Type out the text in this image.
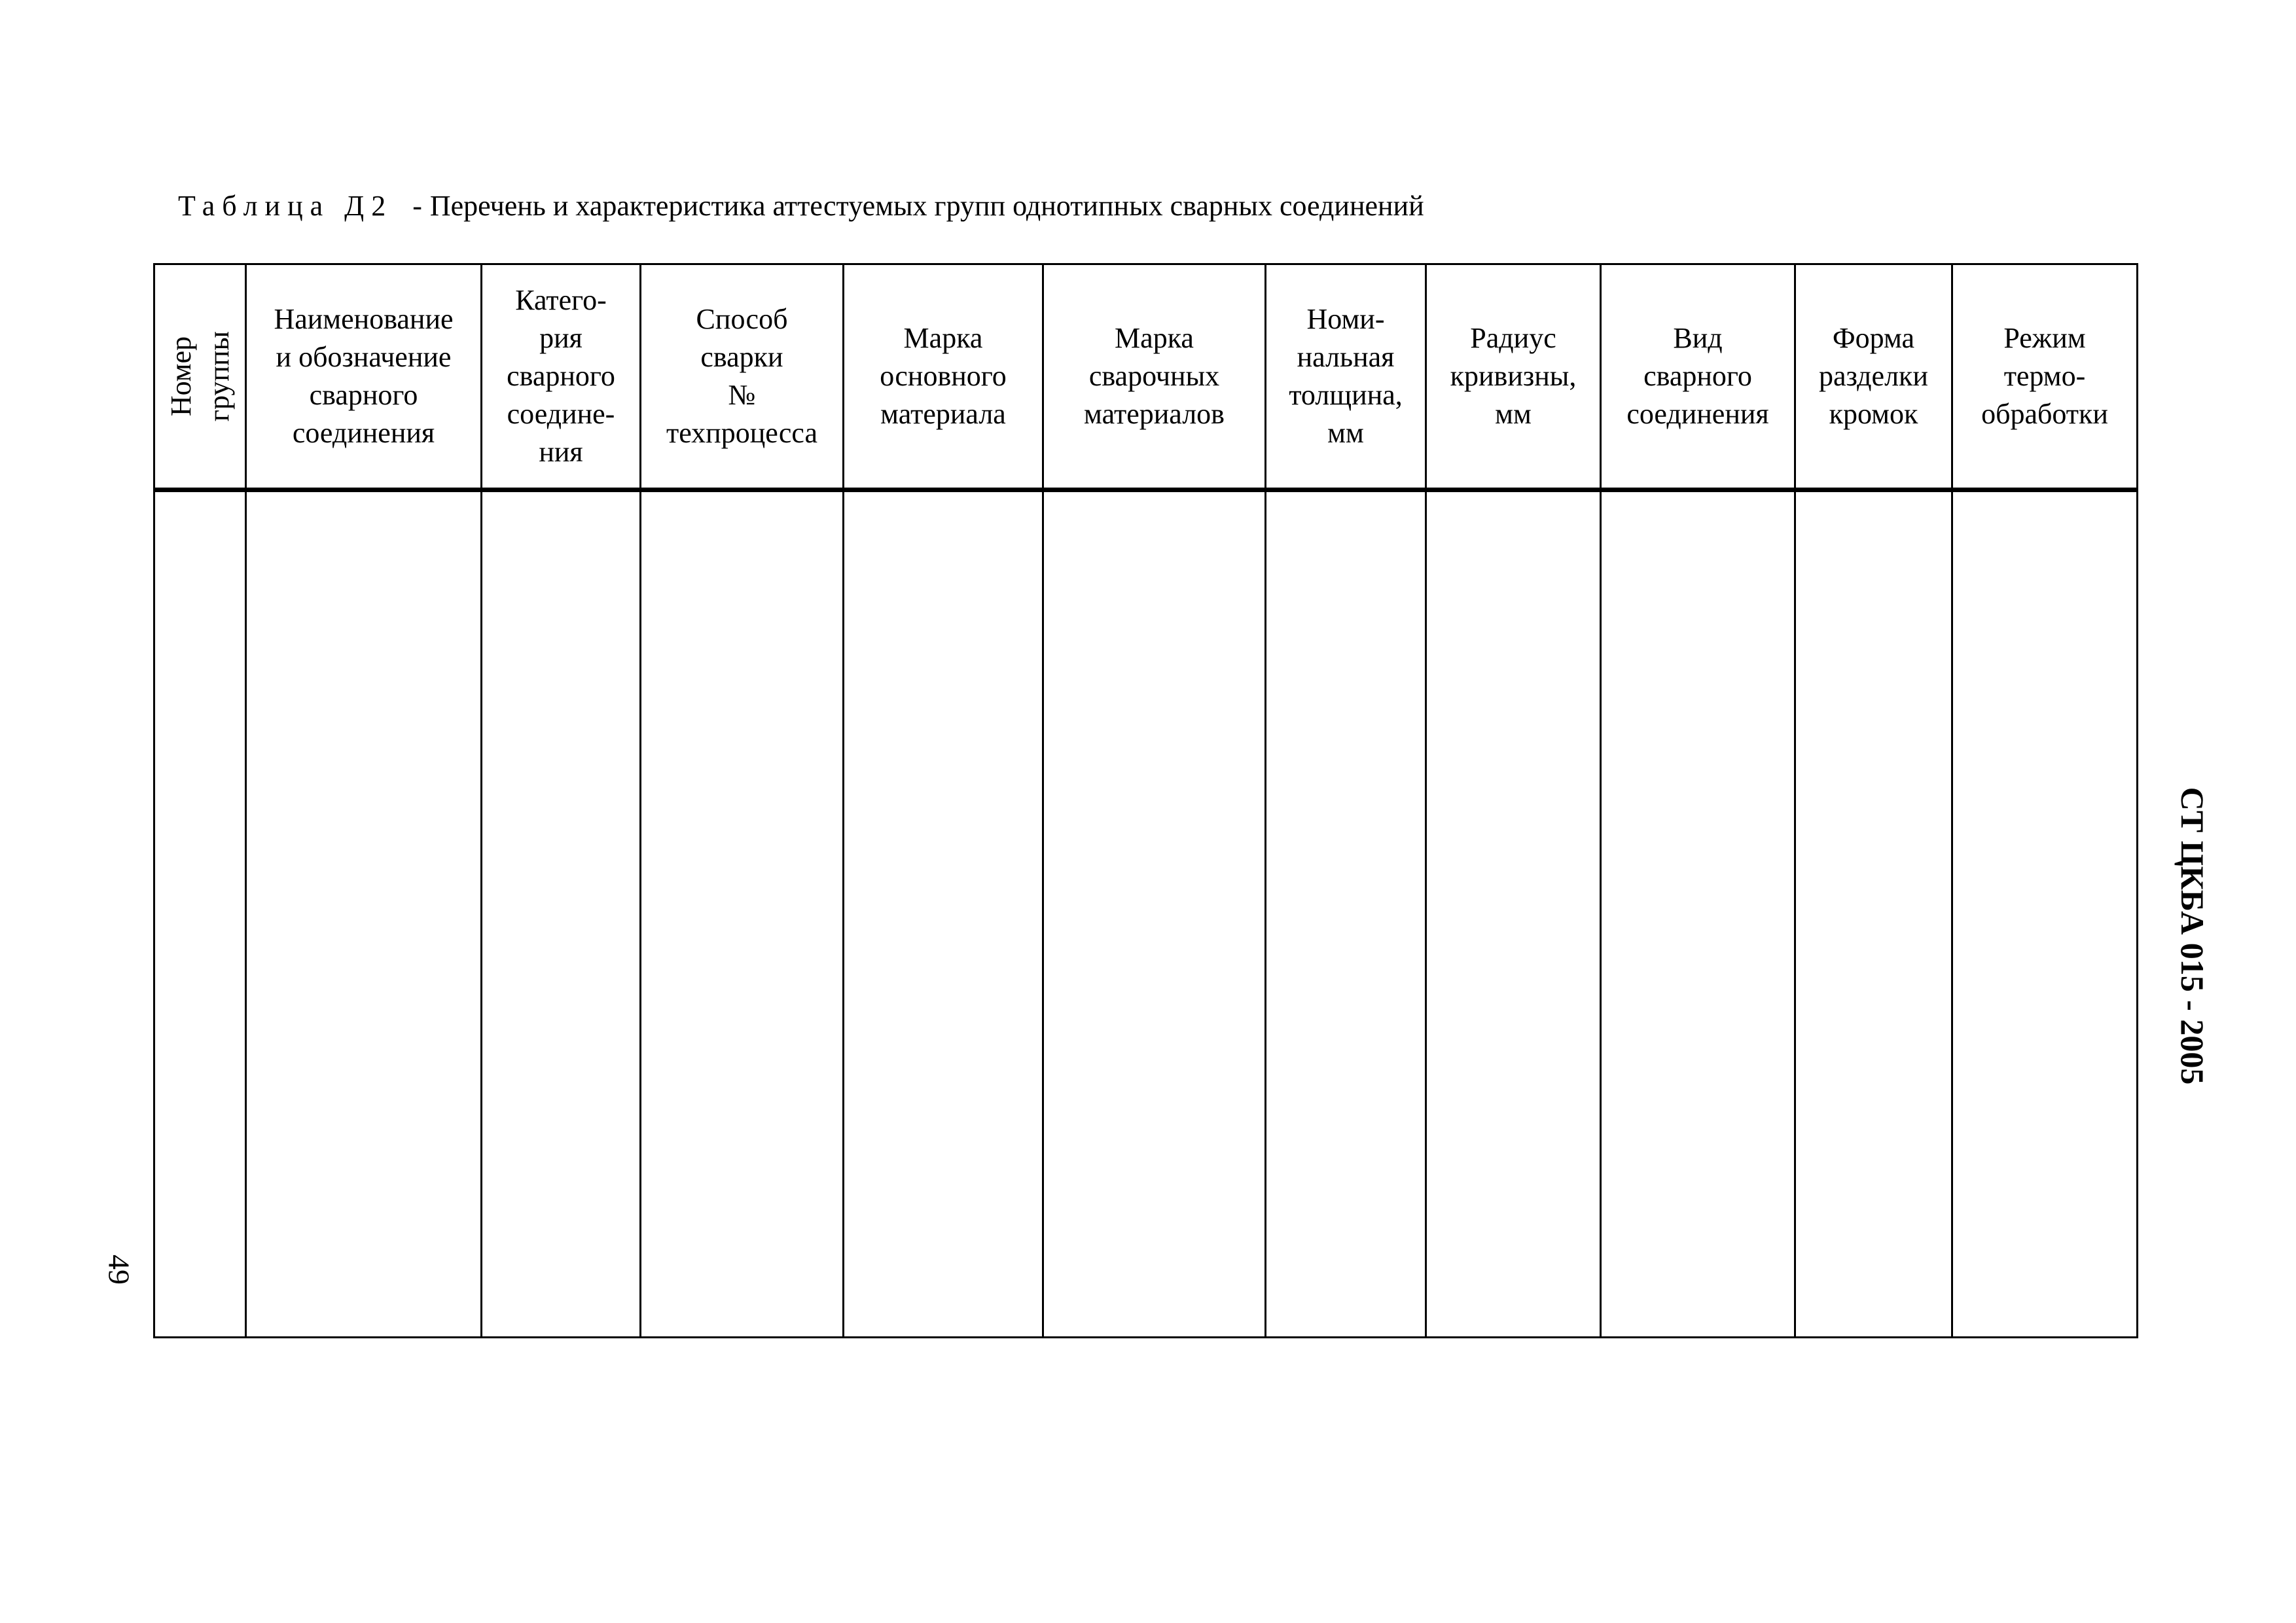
Таблица Д2 - Перечень и характеристика аттестуемых групп однотипных сварных соединений
Номер группы	Наименование
и обозначение
сварного
соединения	Катего-
рия
сварного
соедине-
ния	Способ
сварки
№
техпроцесса	Марка
основного
материала	Марка
сварочных
материалов	Номи-
нальная
толщина,
мм	Радиус
кривизны,
мм	Вид
сварного
соединения	Форма
разделки
кромок	Режим
термо-
обработки

СТ ЦКБА 015 - 2005
49
